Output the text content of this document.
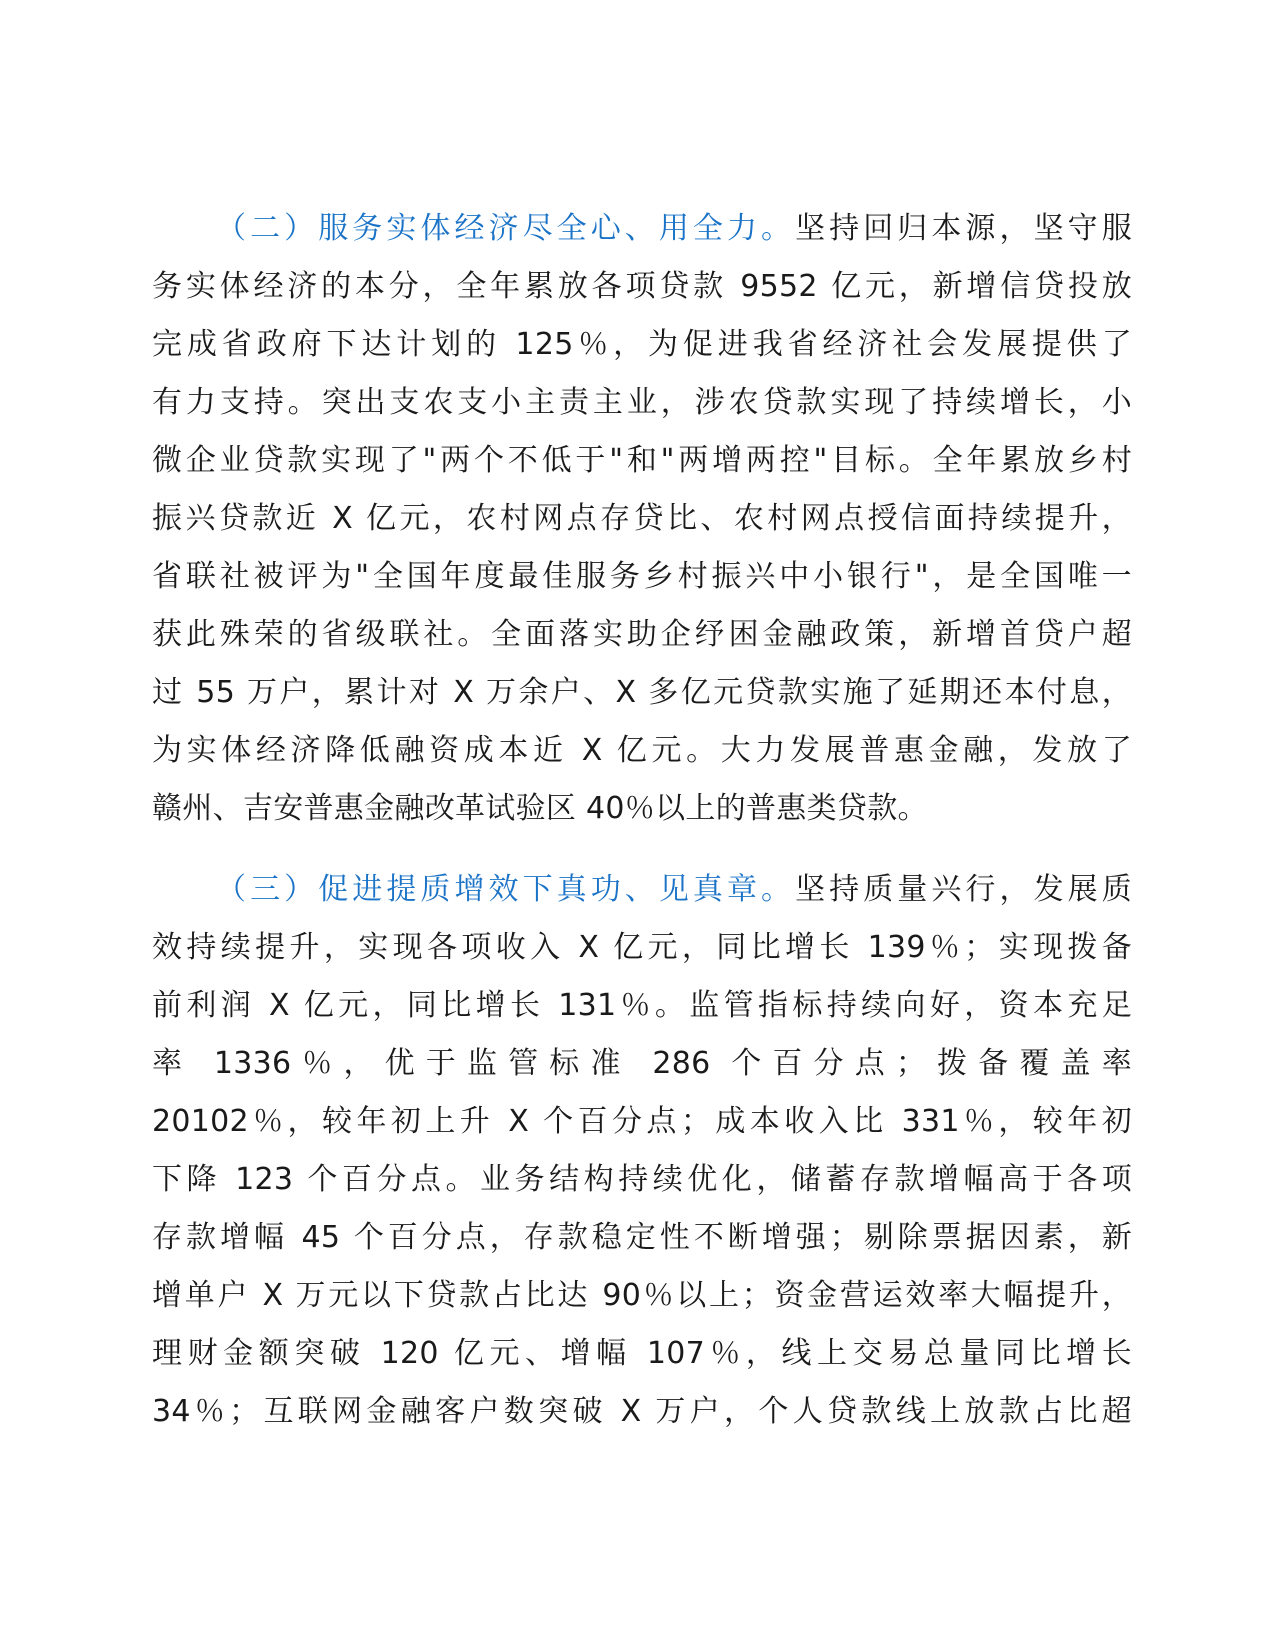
（二）服务实体经济尽全心、用全力。坚持回归本源，坚守服
务实体经济的本分，全年累放各项贷款 9552 亿元，新增信贷投放
完成省政府下达计划的 125％，为促进我省经济社会发展提供了
有力支持。突出支农支小主责主业，涉农贷款实现了持续增长，小
微企业贷款实现了"两个不低于"和"两增两控"目标。全年累放乡村
振兴贷款近 X 亿元，农村网点存贷比、农村网点授信面持续提升，
省联社被评为"全国年度最佳服务乡村振兴中小银行"，是全国唯一
获此殊荣的省级联社。全面落实助企纾困金融政策，新增首贷户超
过 55 万户，累计对 X 万余户、X 多亿元贷款实施了延期还本付息，
为实体经济降低融资成本近 X 亿元。大力发展普惠金融，发放了
赣州、吉安普惠金融改革试验区 40％以上的普惠类贷款。
（三）促进提质增效下真功、见真章。坚持质量兴行，发展质
效持续提升，实现各项收入 X 亿元，同比增长 139％；实现拨备
前利润 X 亿元，同比增长 131％。监管指标持续向好，资本充足
率 1336％，优于监管标准 286 个百分点；拨备覆盖率
20102％，较年初上升 X 个百分点；成本收入比 331％，较年初
下降 123 个百分点。业务结构持续优化，储蓄存款增幅高于各项
存款增幅 45 个百分点，存款稳定性不断增强；剔除票据因素，新
增单户 X 万元以下贷款占比达 90％以上；资金营运效率大幅提升，
理财金额突破 120 亿元、增幅 107％，线上交易总量同比增长
34％；互联网金融客户数突破 X 万户，个人贷款线上放款占比超
